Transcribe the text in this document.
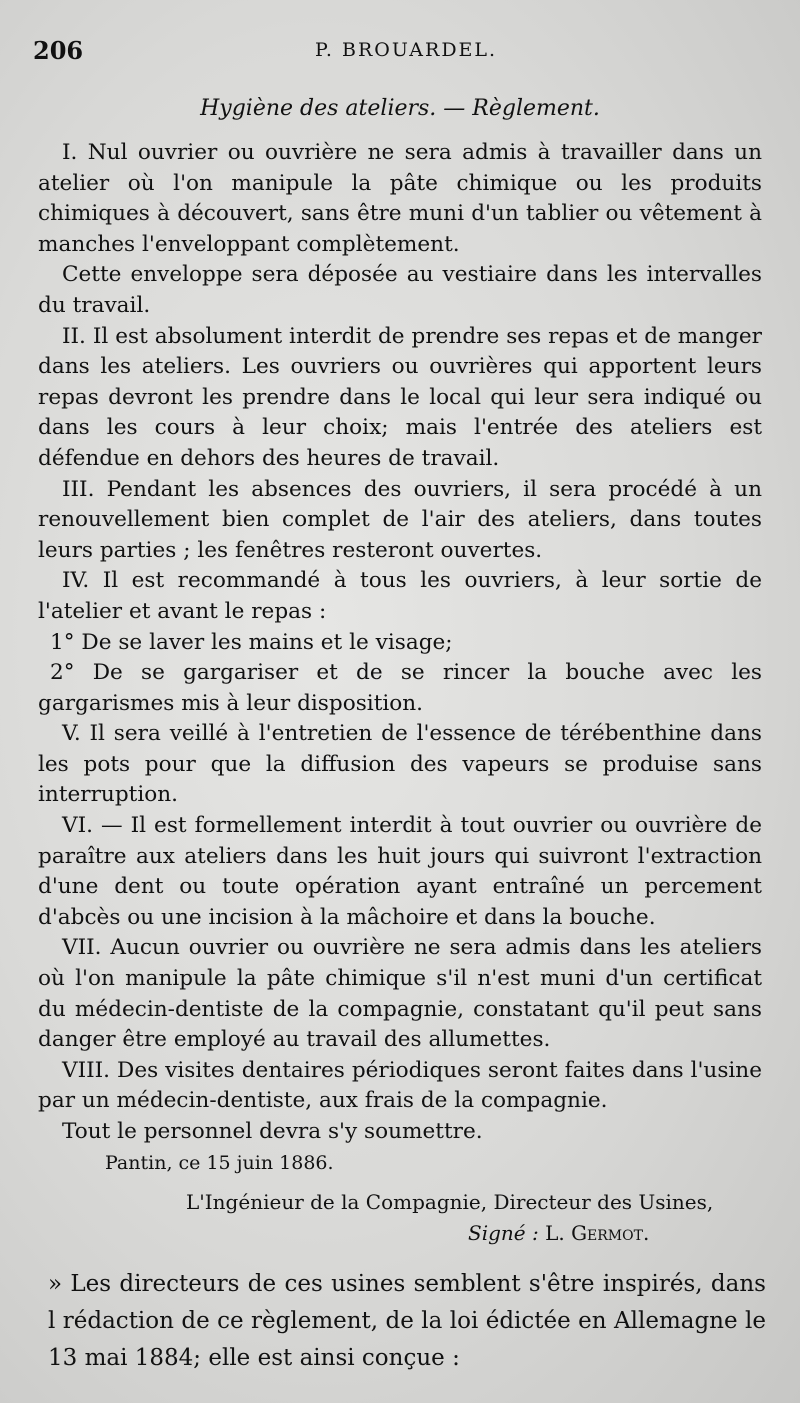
206	P. BROUARDEL.
Hygiène des ateliers. — Règlement.

I. Nul ouvrier ou ouvrière ne sera admis à travailler dans un atelier où l'on manipule la pâte chimique ou les produits chimiques à découvert, sans être muni d'un tablier ou vêtement à manches l'enveloppant complètement.

Cette enveloppe sera déposée au vestiaire dans les intervalles du travail.

II. Il est absolument interdit de prendre ses repas et de manger dans les ateliers. Les ouvriers ou ouvrières qui apportent leurs repas devront les prendre dans le local qui leur sera indiqué ou dans les cours à leur choix; mais l'entrée des ateliers est défendue en dehors des heures de travail.

III. Pendant les absences des ouvriers, il sera procédé à un renouvellement bien complet de l'air des ateliers, dans toutes leurs parties ; les fenêtres resteront ouvertes.

IV. Il est recommandé à tous les ouvriers, à leur sortie de l'atelier et avant le repas :

1° De se laver les mains et le visage;

2° De se gargariser et de se rincer la bouche avec les gargarismes mis à leur disposition.

V. Il sera veillé à l'entretien de l'essence de térébenthine dans les pots pour que la diffusion des vapeurs se produise sans interruption.

VI. — Il est formellement interdit à tout ouvrier ou ouvrière de paraître aux ateliers dans les huit jours qui suivront l'extraction d'une dent ou toute opération ayant entraîné un percement d'abcès ou une incision à la mâchoire et dans la bouche.

VII. Aucun ouvrier ou ouvrière ne sera admis dans les ateliers où l'on manipule la pâte chimique s'il n'est muni d'un certificat du médecin-dentiste de la compagnie, constatant qu'il peut sans danger être employé au travail des allumettes.

VIII. Des visites dentaires périodiques seront faites dans l'usine par un médecin-dentiste, aux frais de la compagnie.

Tout le personnel devra s'y soumettre.

Pantin, ce 15 juin 1886.
L'Ingénieur de la Compagnie, Directeur des Usines,
Signé : L. Germot.
» Les directeurs de ces usines semblent s'être inspirés, dans l rédaction de ce règlement, de la loi édictée en Allemagne le 13 mai 1884; elle est ainsi conçue :
